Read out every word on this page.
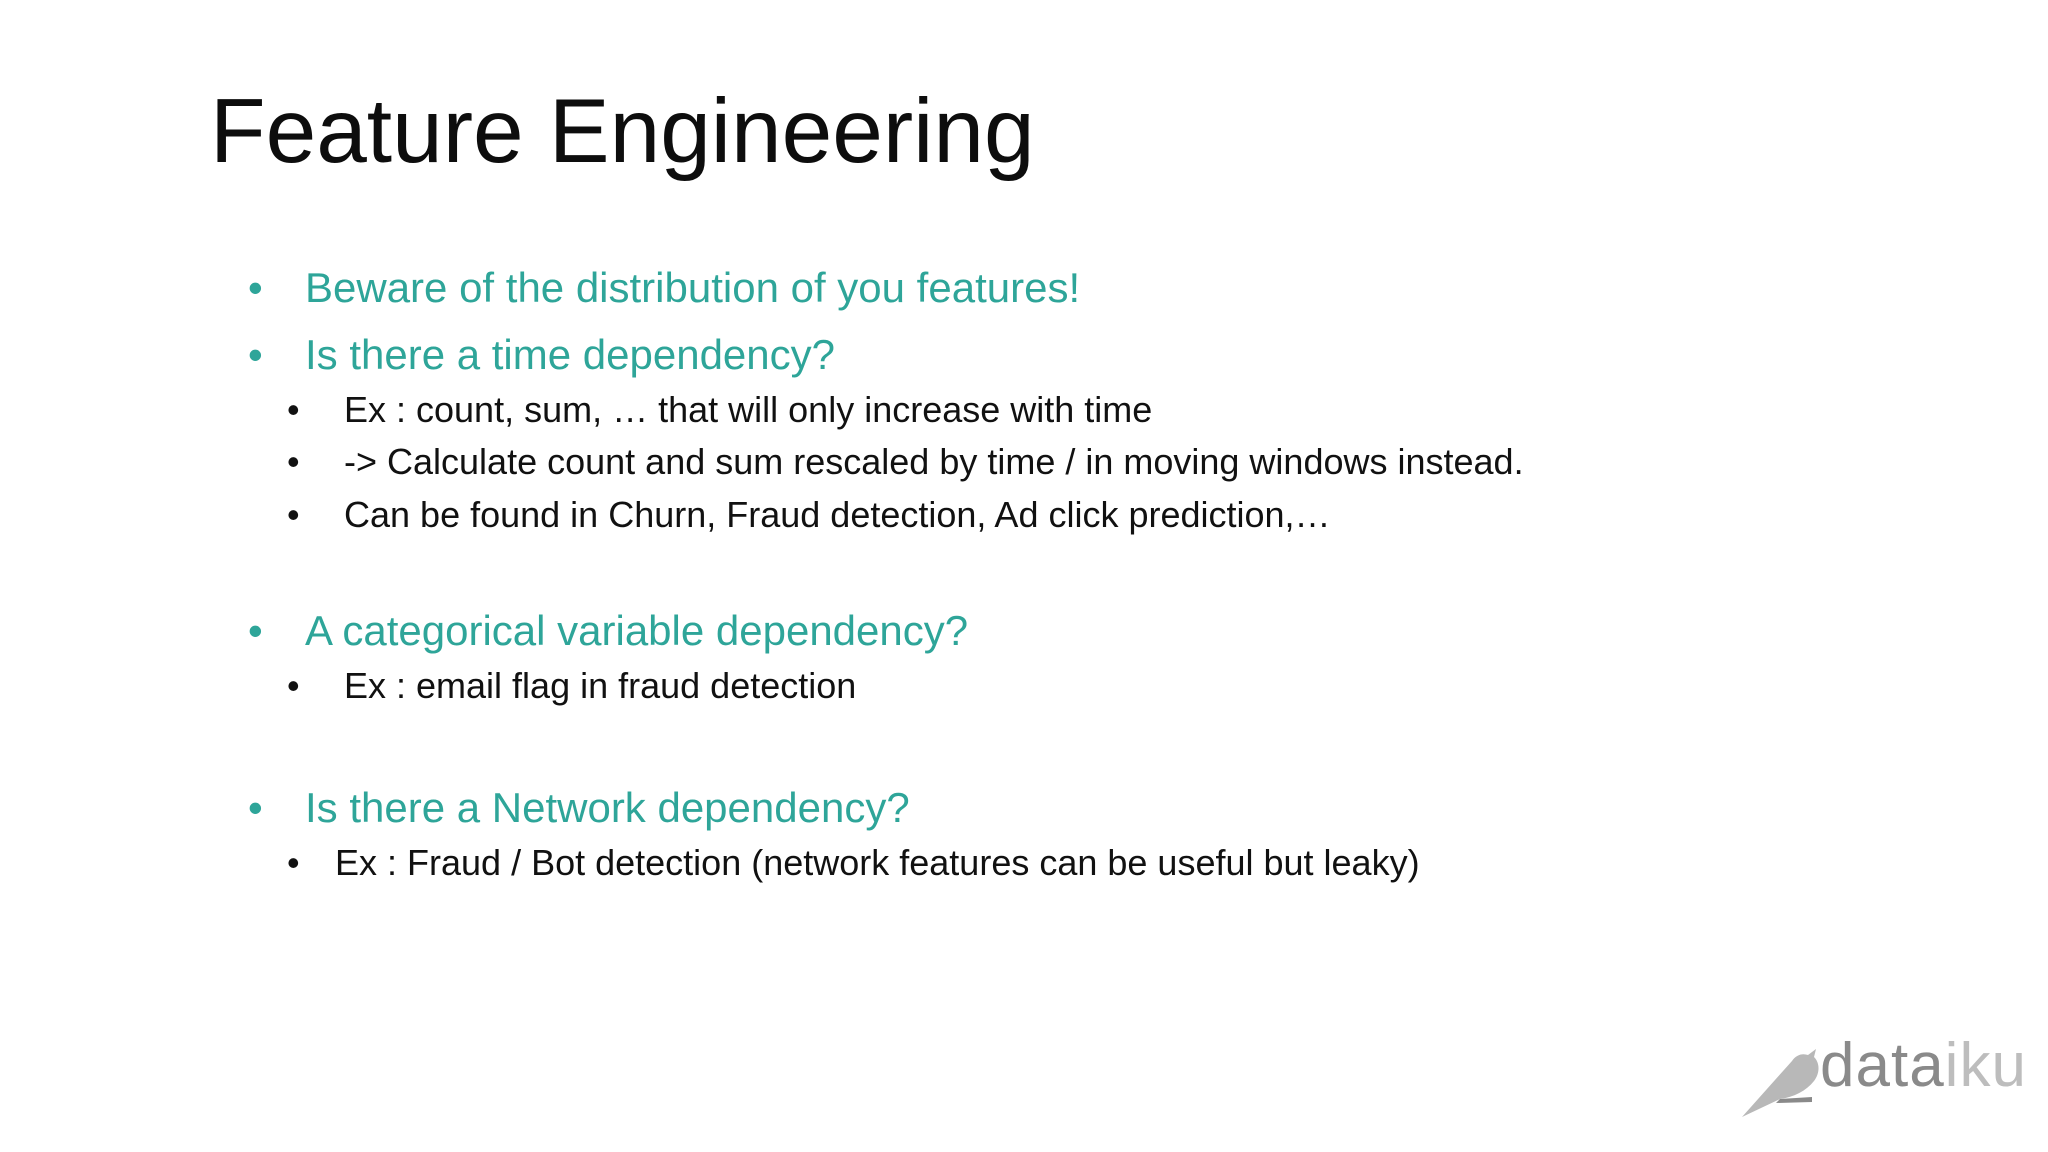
Feature Engineering
• Beware of the distribution of you features!
• Is there a time dependency?
• Ex : count, sum, … that will only increase with time
• -> Calculate count and sum rescaled by time / in moving windows instead.
• Can be found in Churn, Fraud detection, Ad click prediction,…
• A categorical variable dependency?
• Ex : email flag in fraud detection
• Is there a Network dependency?
• Ex : Fraud / Bot detection (network features can be useful but leaky)
dataiku
